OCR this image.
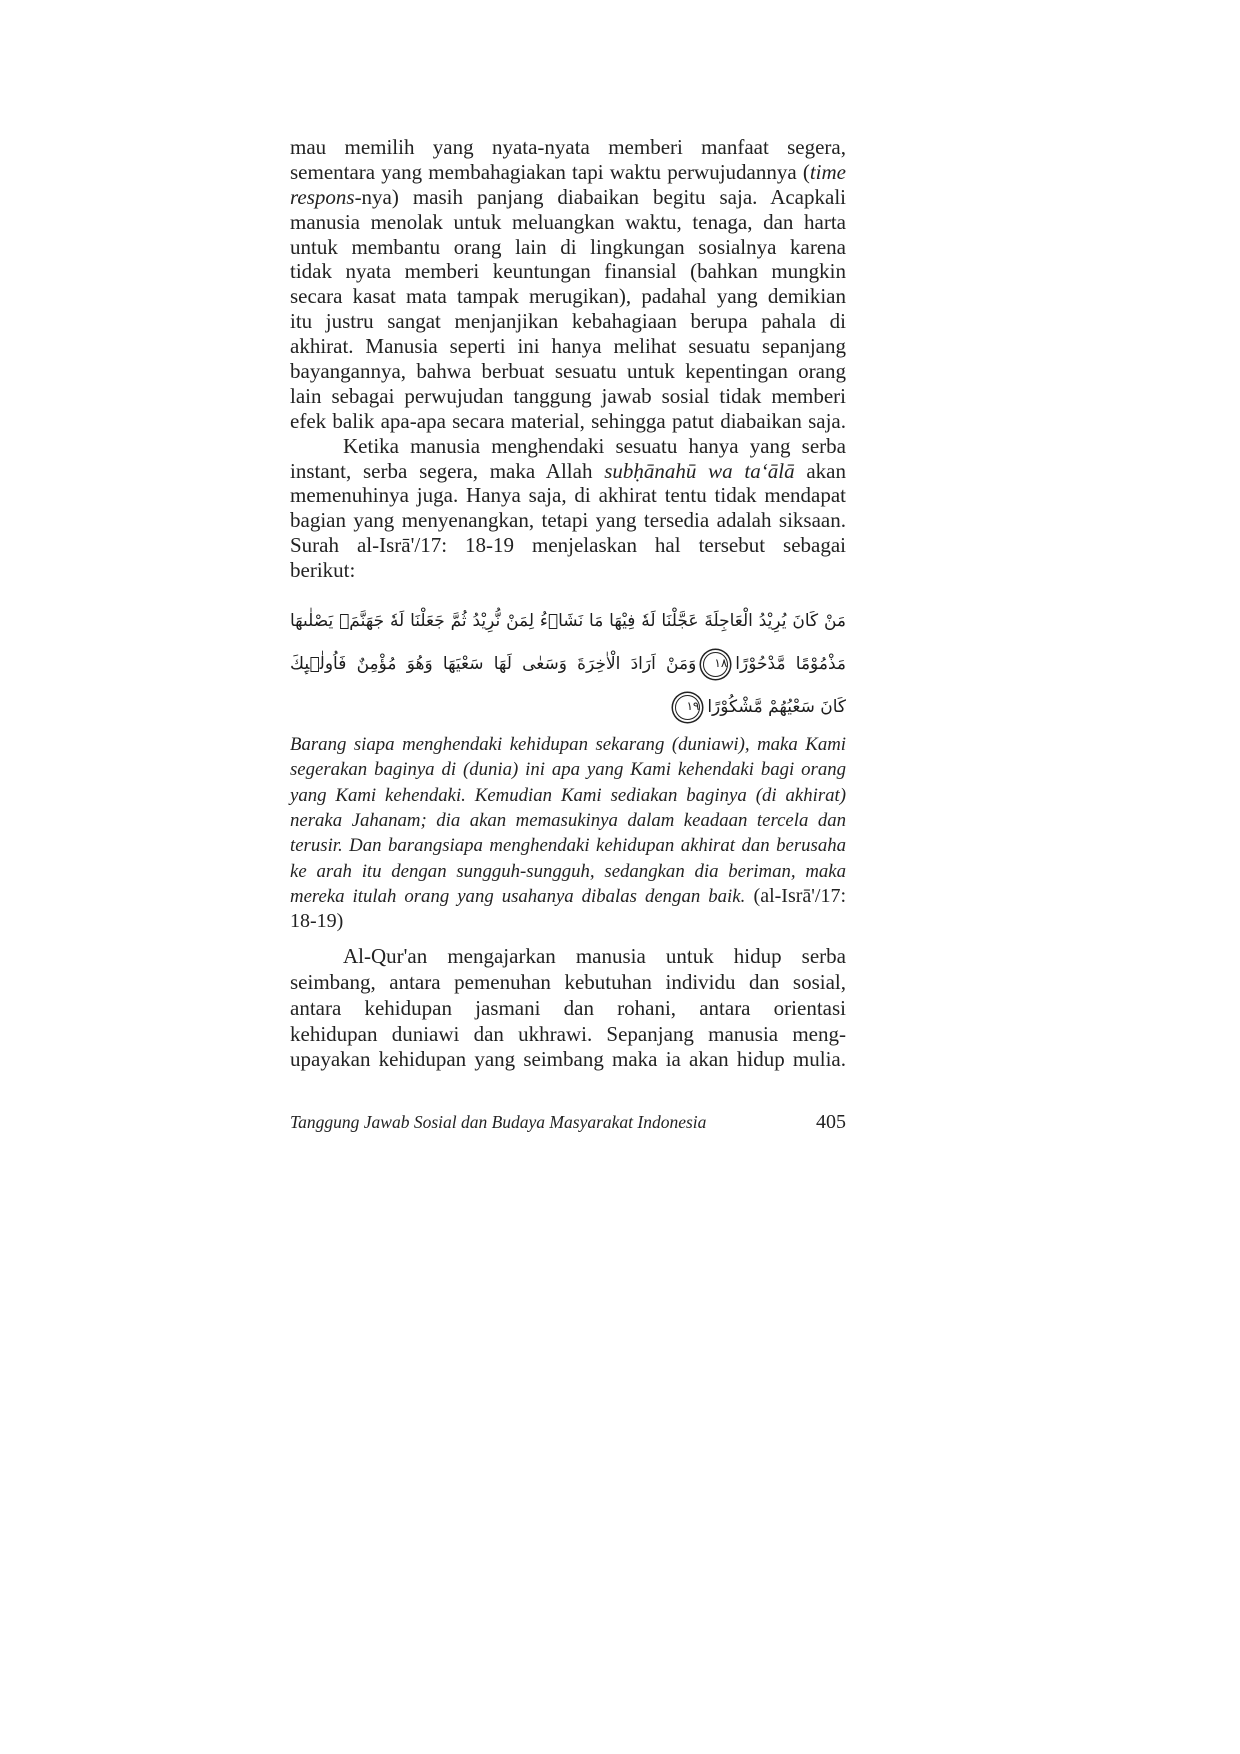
mau memilih yang nyata-nyata memberi manfaat segera,
sementara yang membahagiakan tapi waktu perwujudannya (time
respons-nya) masih panjang diabaikan begitu saja. Acapkali
manusia menolak untuk meluangkan waktu, tenaga, dan harta
untuk membantu orang lain di lingkungan sosialnya karena
tidak nyata memberi keuntungan finansial (bahkan mungkin
secara kasat mata tampak merugikan), padahal yang demikian
itu justru sangat menjanjikan kebahagiaan berupa pahala di
akhirat. Manusia seperti ini hanya melihat sesuatu sepanjang
bayangannya, bahwa berbuat sesuatu untuk kepentingan orang
lain sebagai perwujudan tanggung jawab sosial tidak memberi
efek balik apa-apa secara material, sehingga patut diabaikan saja.
Ketika manusia menghendaki sesuatu hanya yang serba
instant, serba segera, maka Allah subḥānahū wa ta‘ālā akan
memenuhinya juga. Hanya saja, di akhirat tentu tidak mendapat
bagian yang menyenangkan, tetapi yang tersedia adalah siksaan.
Surah al-Isrā'/17: 18-19 menjelaskan hal tersebut sebagai
berikut:
مَنْ كَانَ يُرِيْدُ الْعَاجِلَةَ عَجَّلْنَا لَهٗ فِيْهَا مَا نَشَاۤءُ لِمَنْ نُّرِيْدُ ثُمَّ جَعَلْنَا لَهٗ جَهَنَّمَۚ يَصْلٰىهَا
مَذْمُوْمًا مَّدْحُوْرًا١٨وَمَنْ اَرَادَ الْاٰخِرَةَ وَسَعٰى لَهَا سَعْيَهَا وَهُوَ مُؤْمِنٌ فَاُولٰۤىِٕكَ
كَانَ سَعْيُهُمْ مَّشْكُوْرًا١٩
Barang siapa menghendaki kehidupan sekarang (duniawi), maka Kami
segerakan baginya di (dunia) ini apa yang Kami kehendaki bagi orang
yang Kami kehendaki. Kemudian Kami sediakan baginya (di akhirat)
neraka Jahanam; dia akan memasukinya dalam keadaan tercela dan
terusir. Dan barangsiapa menghendaki kehidupan akhirat dan berusaha
ke arah itu dengan sungguh-sungguh, sedangkan dia beriman, maka
mereka itulah orang yang usahanya dibalas dengan baik. (al-Isrā'/17:
18-19)
Al-Qur'an mengajarkan manusia untuk hidup serba
seimbang, antara pemenuhan kebutuhan individu dan sosial,
antara kehidupan jasmani dan rohani, antara orientasi
kehidupan duniawi dan ukhrawi. Sepanjang manusia meng-
upayakan kehidupan yang seimbang maka ia akan hidup mulia.
Tanggung Jawab Sosial dan Budaya Masyarakat Indonesia	405
